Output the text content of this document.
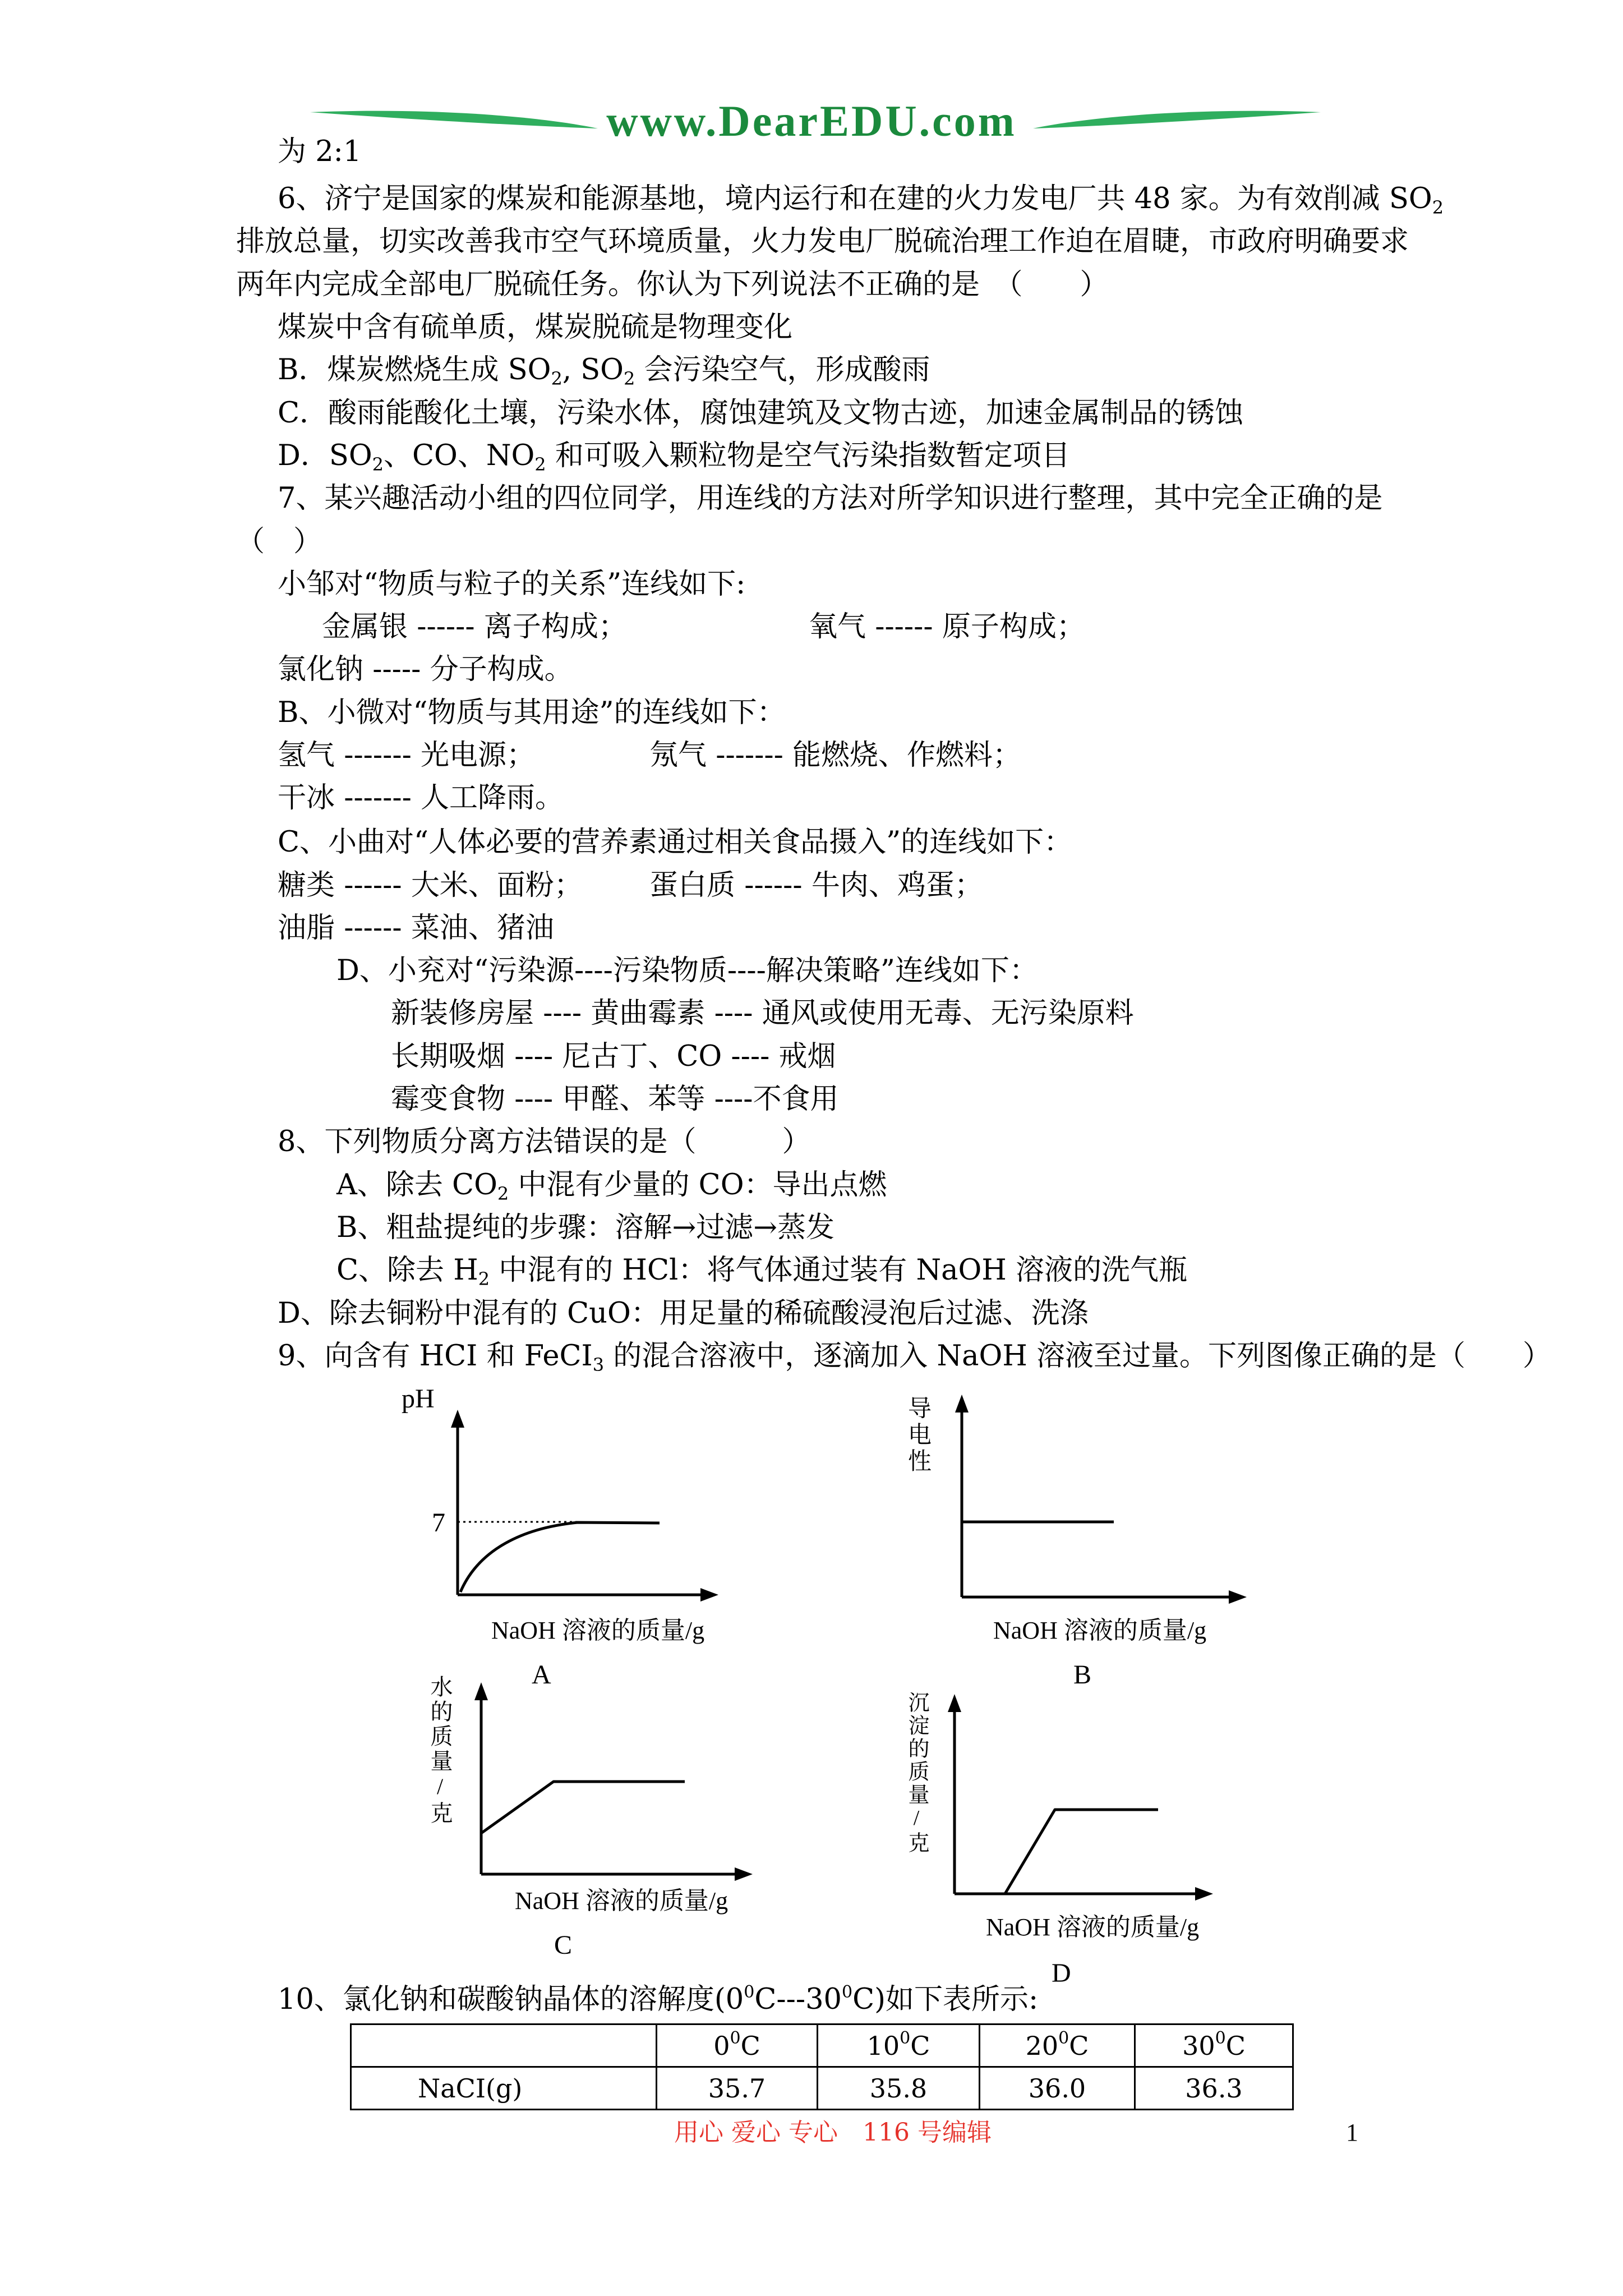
www.DearEDU.com
为 2:1
6、济宁是国家的煤炭和能源基地，境内运行和在建的火力发电厂共 48 家。为有效削减 $SO_2$
排放总量，切实改善我市空气环境质量，火力发电厂脱硫治理工作迫在眉睫，市政府明确要求
两年内完成全部电厂脱硫任务。你认为下列说法不正确的是　（　　）
煤炭中含有硫单质，煤炭脱硫是物理变化
B．煤炭燃烧生成 $SO_2$, $SO_2$ 会污染空气，形成酸雨
C．酸雨能酸化土壤，污染水体，腐蚀建筑及文物古迹，加速金属制品的锈蚀
D．$SO_2$、CO、$NO_2$ 和可吸入颗粒物是空气污染指数暂定项目
7、某兴趣活动小组的四位同学，用连线的方法对所学知识进行整理，其中完全正确的是
（　）
小邹对“物质与粒子的关系”连线如下:
金属银 ------ 离子构成；	氧气 ------ 原子构成；
氯化钠 ----- 分子构成。
B、小微对“物质与其用途”的连线如下：
氢气 ------- 光电源；	氖气 ------- 能燃烧、作燃料；
干冰 ------- 人工降雨。
C、小曲对“人体必要的营养素通过相关食品摄入”的连线如下：
糖类 ------ 大米、面粉； 蛋白质 ------ 牛肉、鸡蛋；
油脂 ------ 菜油、猪油
D、小兖对“污染源----污染物质----解决策略”连线如下：
新装修房屋 ---- 黄曲霉素 ---- 通风或使用无毒、无污染原料
长期吸烟 ---- 尼古丁、CO ---- 戒烟
霉变食物 ---- 甲醛、苯等 ----不食用
8、下列物质分离方法错误的是（　　　）
A、除去 $CO_2$ 中混有少量的 CO：导出点燃
B、粗盐提纯的步骤：溶解→过滤→蒸发
C、除去 $H_2$ 中混有的 HCl：将气体通过装有 NaOH 溶液的洗气瓶
D、除去铜粉中混有的 CuO：用足量的稀硫酸浸泡后过滤、洗涤
9、向含有 HCI 和 FeCI$_3$ 的混合溶液中，逐滴加入 NaOH 溶液至过量。下列图像正确的是（　　）
pH
7
NaOH 溶液的质量/g
A
导电性
NaOH 溶液的质量/g
B
水的质量/克
NaOH 溶液的质量/g
C
沉淀的质量/克
NaOH 溶液的质量/g
D
10、氯化钠和碳酸钠晶体的溶解度$(0^0C---30^0C)$如下表所示:
	$0^0C$	$10^0C$	$20^0C$	$30^0C$
NaCI(g)	35.7	35.8	36.0	36.3
用心 爱心 专心　116 号编辑	1
